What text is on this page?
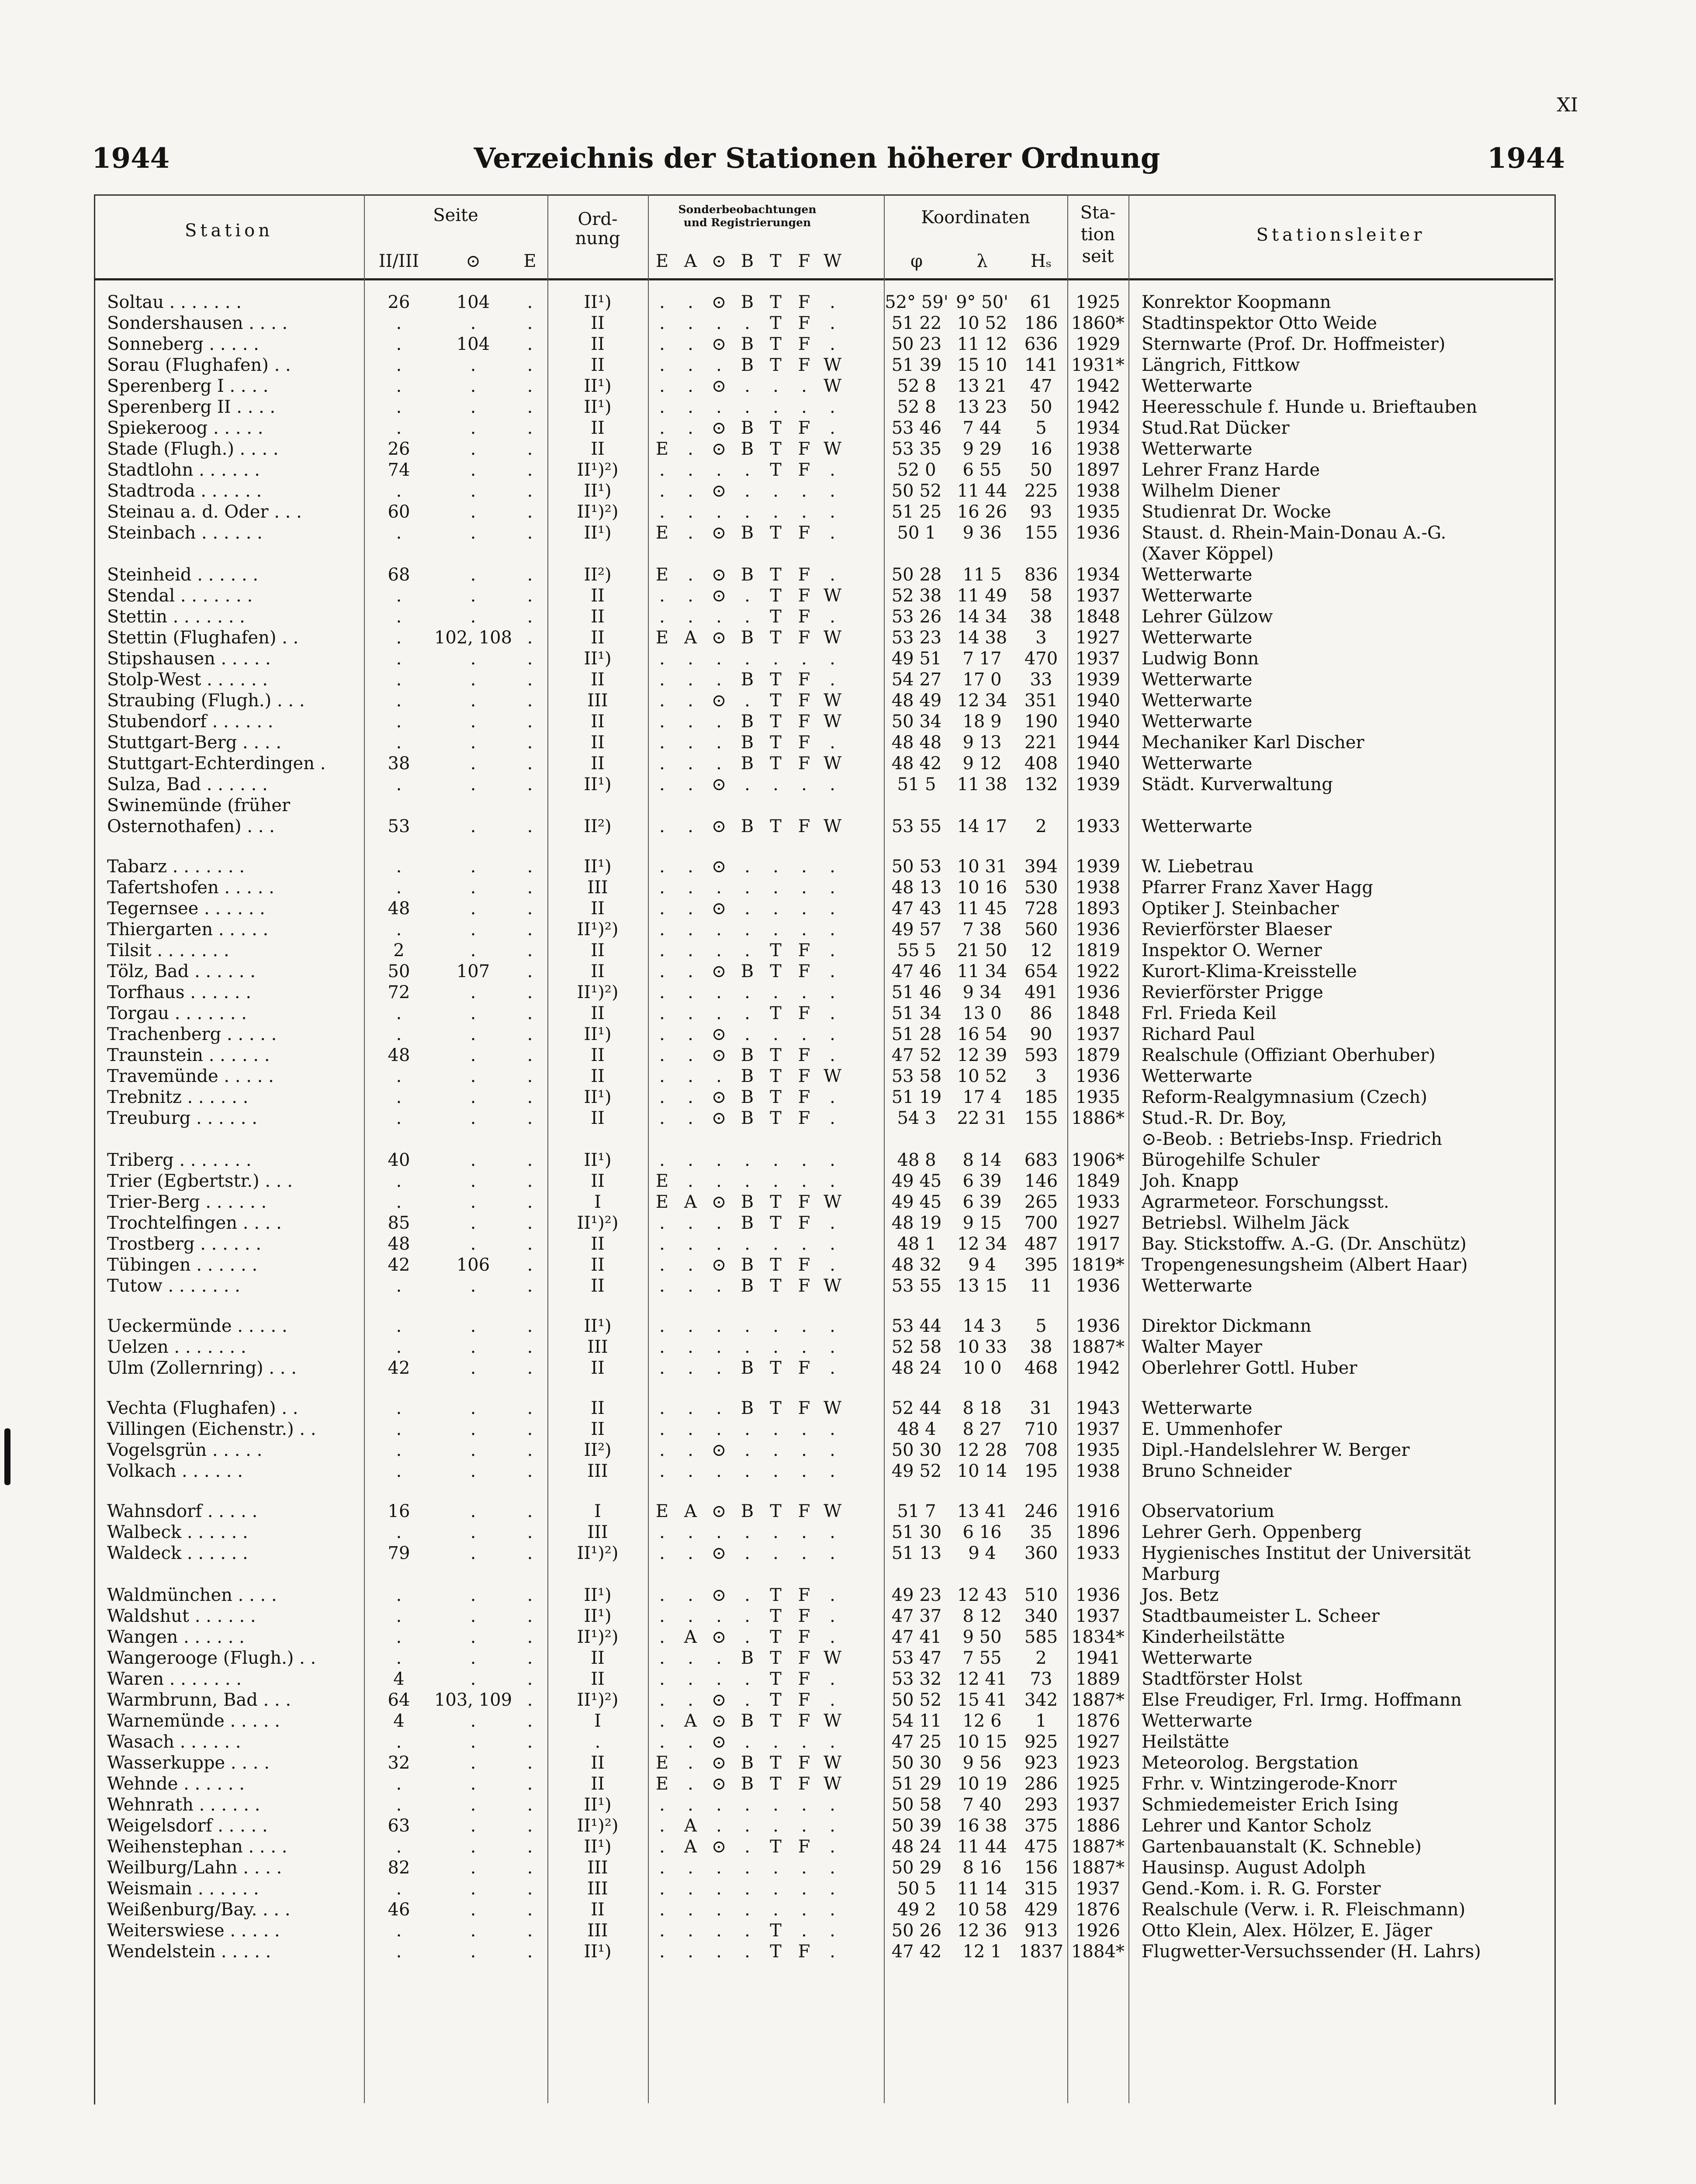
XI
1944	Verzeichnis der Stationen höherer Ordnung	1944
Station
Seite
II/III	⊙	E
Ord-
nung
Sonderbeobachtungen
und Registrierungen
E A ⊙ B T F W
Koordinaten
φ	λ	Hₛ
Sta-
tion
seit
Stationsleiter
Soltau . . . . . . .	26	104	.	II¹)	.	.	⊙	B	T	F	.		52° 59'	9° 50'	61	1925	Konrektor Koopmann
Sondershausen . . . .	.	.	.	II	.	.	.	.	T	F	.		51 22	10 52	186	1860*	Stadtinspektor Otto Weide
Sonneberg . . . . .	.	104	.	II	.	.	⊙	B	T	F	.		50 23	11 12	636	1929	Sternwarte (Prof. Dr. Hoffmeister)
Sorau (Flughafen) . .	.	.	.	II	.	.	.	B	T	F	W		51 39	15 10	141	1931*	Längrich, Fittkow
Sperenberg I . . . .	.	.	.	II¹)	.	.	⊙	.	.	.	W		52 8	13 21	47	1942	Wetterwarte
Sperenberg II . . . .	.	.	.	II¹)	.	.	.	.	.	.	.		52 8	13 23	50	1942	Heeresschule f. Hunde u. Brieftauben
Spiekeroog . . . . .	.	.	.	II	.	.	⊙	B	T	F	.		53 46	7 44	5	1934	Stud.Rat Dücker
Stade (Flugh.) . . . .	26	.	.	II	E	.	⊙	B	T	F	W		53 35	9 29	16	1938	Wetterwarte
Stadtlohn . . . . . .	74	.	.	II¹)²)	.	.	.	.	T	F	.		52 0	6 55	50	1897	Lehrer Franz Harde
Stadtroda . . . . . .	.	.	.	II¹)	.	.	⊙	.	.	.	.		50 52	11 44	225	1938	Wilhelm Diener
Steinau a. d. Oder . . .	60	.	.	II¹)²)	.	.	.	.	.	.	.		51 25	16 26	93	1935	Studienrat Dr. Wocke
Steinbach . . . . . .	.	.	.	II¹)	E	.	⊙	B	T	F	.		50 1	9 36	155	1936	Staust. d. Rhein-Main-Donau A.-G.
																	(Xaver Köppel)
Steinheid . . . . . .	68	.	.	II²)	E	.	⊙	B	T	F	.		50 28	11 5	836	1934	Wetterwarte
Stendal . . . . . . .	.	.	.	II	.	.	⊙	.	T	F	W		52 38	11 49	58	1937	Wetterwarte
Stettin . . . . . . .	.	.	.	II	.	.	.	.	T	F	.		53 26	14 34	38	1848	Lehrer Gülzow
Stettin (Flughafen) . .	.	102, 108	.	II	E	A	⊙	B	T	F	W		53 23	14 38	3	1927	Wetterwarte
Stipshausen . . . . .	.	.	.	II¹)	.	.	.	.	.	.	.		49 51	7 17	470	1937	Ludwig Bonn
Stolp-West . . . . . .	.	.	.	II	.	.	.	B	T	F	.		54 27	17 0	33	1939	Wetterwarte
Straubing (Flugh.) . . .	.	.	.	III	.	.	⊙	.	T	F	W		48 49	12 34	351	1940	Wetterwarte
Stubendorf . . . . . .	.	.	.	II	.	.	.	B	T	F	W		50 34	18 9	190	1940	Wetterwarte
Stuttgart-Berg . . . .	.	.	.	II	.	.	.	B	T	F	.		48 48	9 13	221	1944	Mechaniker Karl Discher
Stuttgart-Echterdingen .	38	.	.	II	.	.	.	B	T	F	W		48 42	9 12	408	1940	Wetterwarte
Sulza, Bad . . . . . .	.	.	.	II¹)	.	.	⊙	.	.	.	.		51 5	11 38	132	1939	Städt. Kurverwaltung
Swinemünde (früher																	
Osternothafen) . . .	53	.	.	II²)	.	.	⊙	B	T	F	W		53 55	14 17	2	1933	Wetterwarte

Tabarz . . . . . . .	.	.	.	II¹)	.	.	⊙	.	.	.	.		50 53	10 31	394	1939	W. Liebetrau
Tafertshofen . . . . .	.	.	.	III	.	.	.	.	.	.	.		48 13	10 16	530	1938	Pfarrer Franz Xaver Hagg
Tegernsee . . . . . .	48	.	.	II	.	.	⊙	.	.	.	.		47 43	11 45	728	1893	Optiker J. Steinbacher
Thiergarten . . . . .	.	.	.	II¹)²)	.	.	.	.	.	.	.		49 57	7 38	560	1936	Revierförster Blaeser
Tilsit . . . . . . .	2	.	.	II	.	.	.	.	T	F	.		55 5	21 50	12	1819	Inspektor O. Werner
Tölz, Bad . . . . . .	50	107	.	II	.	.	⊙	B	T	F	.		47 46	11 34	654	1922	Kurort-Klima-Kreisstelle
Torfhaus . . . . . .	72	.	.	II¹)²)	.	.	.	.	.	.	.		51 46	9 34	491	1936	Revierförster Prigge
Torgau . . . . . . .	.	.	.	II	.	.	.	.	T	F	.		51 34	13 0	86	1848	Frl. Frieda Keil
Trachenberg . . . . .	.	.	.	II¹)	.	.	⊙	.	.	.	.		51 28	16 54	90	1937	Richard Paul
Traunstein . . . . . .	48	.	.	II	.	.	⊙	B	T	F	.		47 52	12 39	593	1879	Realschule (Offiziant Oberhuber)
Travemünde . . . . .	.	.	.	II	.	.	.	B	T	F	W		53 58	10 52	3	1936	Wetterwarte
Trebnitz . . . . . .	.	.	.	II¹)	.	.	⊙	B	T	F	.		51 19	17 4	185	1935	Reform-Realgymnasium (Czech)
Treuburg . . . . . .	.	.	.	II	.	.	⊙	B	T	F	.		54 3	22 31	155	1886*	Stud.-R. Dr. Boy,
																	⊙-Beob. : Betriebs-Insp. Friedrich
Triberg . . . . . . .	40	.	.	II¹)	.	.	.	.	.	.	.		48 8	8 14	683	1906*	Bürogehilfe Schuler
Trier (Egbertstr.) . . .	.	.	.	II	E	.	.	.	.	.	.		49 45	6 39	146	1849	Joh. Knapp
Trier-Berg . . . . . .	.	.	.	I	E	A	⊙	B	T	F	W		49 45	6 39	265	1933	Agrarmeteor. Forschungsst.
Trochtelfingen . . . .	85	.	.	II¹)²)	.	.	.	B	T	F	.		48 19	9 15	700	1927	Betriebsl. Wilhelm Jäck
Trostberg . . . . . .	48	.	.	II	.	.	.	.	.	.	.		48 1	12 34	487	1917	Bay. Stickstoffw. A.-G. (Dr. Anschütz)
Tübingen . . . . . .	42	106	.	II	.	.	⊙	B	T	F	.		48 32	9 4	395	1819*	Tropengenesungsheim (Albert Haar)
Tutow . . . . . . .	.	.	.	II	.	.	.	B	T	F	W		53 55	13 15	11	1936	Wetterwarte

Ueckermünde . . . . .	.	.	.	II¹)	.	.	.	.	.	.	.		53 44	14 3	5	1936	Direktor Dickmann
Uelzen . . . . . . .	.	.	.	III	.	.	.	.	.	.	.		52 58	10 33	38	1887*	Walter Mayer
Ulm (Zollernring) . . .	42	.	.	II	.	.	.	B	T	F	.		48 24	10 0	468	1942	Oberlehrer Gottl. Huber

Vechta (Flughafen) . .	.	.	.	II	.	.	.	B	T	F	W		52 44	8 18	31	1943	Wetterwarte
Villingen (Eichenstr.) . .	.	.	.	II	.	.	.	.	.	.	.		48 4	8 27	710	1937	E. Ummenhofer
Vogelsgrün . . . . .	.	.	.	II²)	.	.	⊙	.	.	.	.		50 30	12 28	708	1935	Dipl.-Handelslehrer W. Berger
Volkach . . . . . .	.	.	.	III	.	.	.	.	.	.	.		49 52	10 14	195	1938	Bruno Schneider

Wahnsdorf . . . . .	16	.	.	I	E	A	⊙	B	T	F	W		51 7	13 41	246	1916	Observatorium
Walbeck . . . . . .	.	.	.	III	.	.	.	.	.	.	.		51 30	6 16	35	1896	Lehrer Gerh. Oppenberg
Waldeck . . . . . .	79	.	.	II¹)²)	.	.	⊙	.	.	.	.		51 13	9 4	360	1933	Hygienisches Institut der Universität
																	Marburg
Waldmünchen . . . .	.	.	.	II¹)	.	.	⊙	.	T	F	.		49 23	12 43	510	1936	Jos. Betz
Waldshut . . . . . .	.	.	.	II¹)	.	.	.	.	T	F	.		47 37	8 12	340	1937	Stadtbaumeister L. Scheer
Wangen . . . . . .	.	.	.	II¹)²)	.	A	⊙	.	T	F	.		47 41	9 50	585	1834*	Kinderheilstätte
Wangerooge (Flugh.) . .	.	.	.	II	.	.	.	B	T	F	W		53 47	7 55	2	1941	Wetterwarte
Waren . . . . . . .	4	.	.	II	.	.	.	.	T	F	.		53 32	12 41	73	1889	Stadtförster Holst
Warmbrunn, Bad . . .	64	103, 109	.	II¹)²)	.	.	⊙	.	T	F	.		50 52	15 41	342	1887*	Else Freudiger, Frl. Irmg. Hoffmann
Warnemünde . . . . .	4	.	.	I	.	A	⊙	B	T	F	W		54 11	12 6	1	1876	Wetterwarte
Wasach . . . . . .	.	.	.	.	.	.	⊙	.	.	.	.		47 25	10 15	925	1927	Heilstätte
Wasserkuppe . . . .	32	.	.	II	E	.	⊙	B	T	F	W		50 30	9 56	923	1923	Meteorolog. Bergstation
Wehnde . . . . . .	.	.	.	II	E	.	⊙	B	T	F	W		51 29	10 19	286	1925	Frhr. v. Wintzingerode-Knorr
Wehnrath . . . . . .	.	.	.	II¹)	.	.	.	.	.	.	.		50 58	7 40	293	1937	Schmiedemeister Erich Ising
Weigelsdorf . . . . .	63	.	.	II¹)²)	.	A	.	.	.	.	.		50 39	16 38	375	1886	Lehrer und Kantor Scholz
Weihenstephan . . . .	.	.	.	II¹)	.	A	⊙	.	T	F	.		48 24	11 44	475	1887*	Gartenbauanstalt (K. Schneble)
Weilburg/Lahn . . . .	82	.	.	III	.	.	.	.	.	.	.		50 29	8 16	156	1887*	Hausinsp. August Adolph
Weismain . . . . . .	.	.	.	III	.	.	.	.	.	.	.		50 5	11 14	315	1937	Gend.-Kom. i. R. G. Forster
Weißenburg/Bay. . . .	46	.	.	II	.	.	.	.	.	.	.		49 2	10 58	429	1876	Realschule (Verw. i. R. Fleischmann)
Weiterswiese . . . . .	.	.	.	III	.	.	.	.	T	.	.		50 26	12 36	913	1926	Otto Klein, Alex. Hölzer, E. Jäger
Wendelstein . . . . .	.	.	.	II¹)	.	.	.	.	T	F	.		47 42	12 1	1837	1884*	Flugwetter-Versuchssender (H. Lahrs)
